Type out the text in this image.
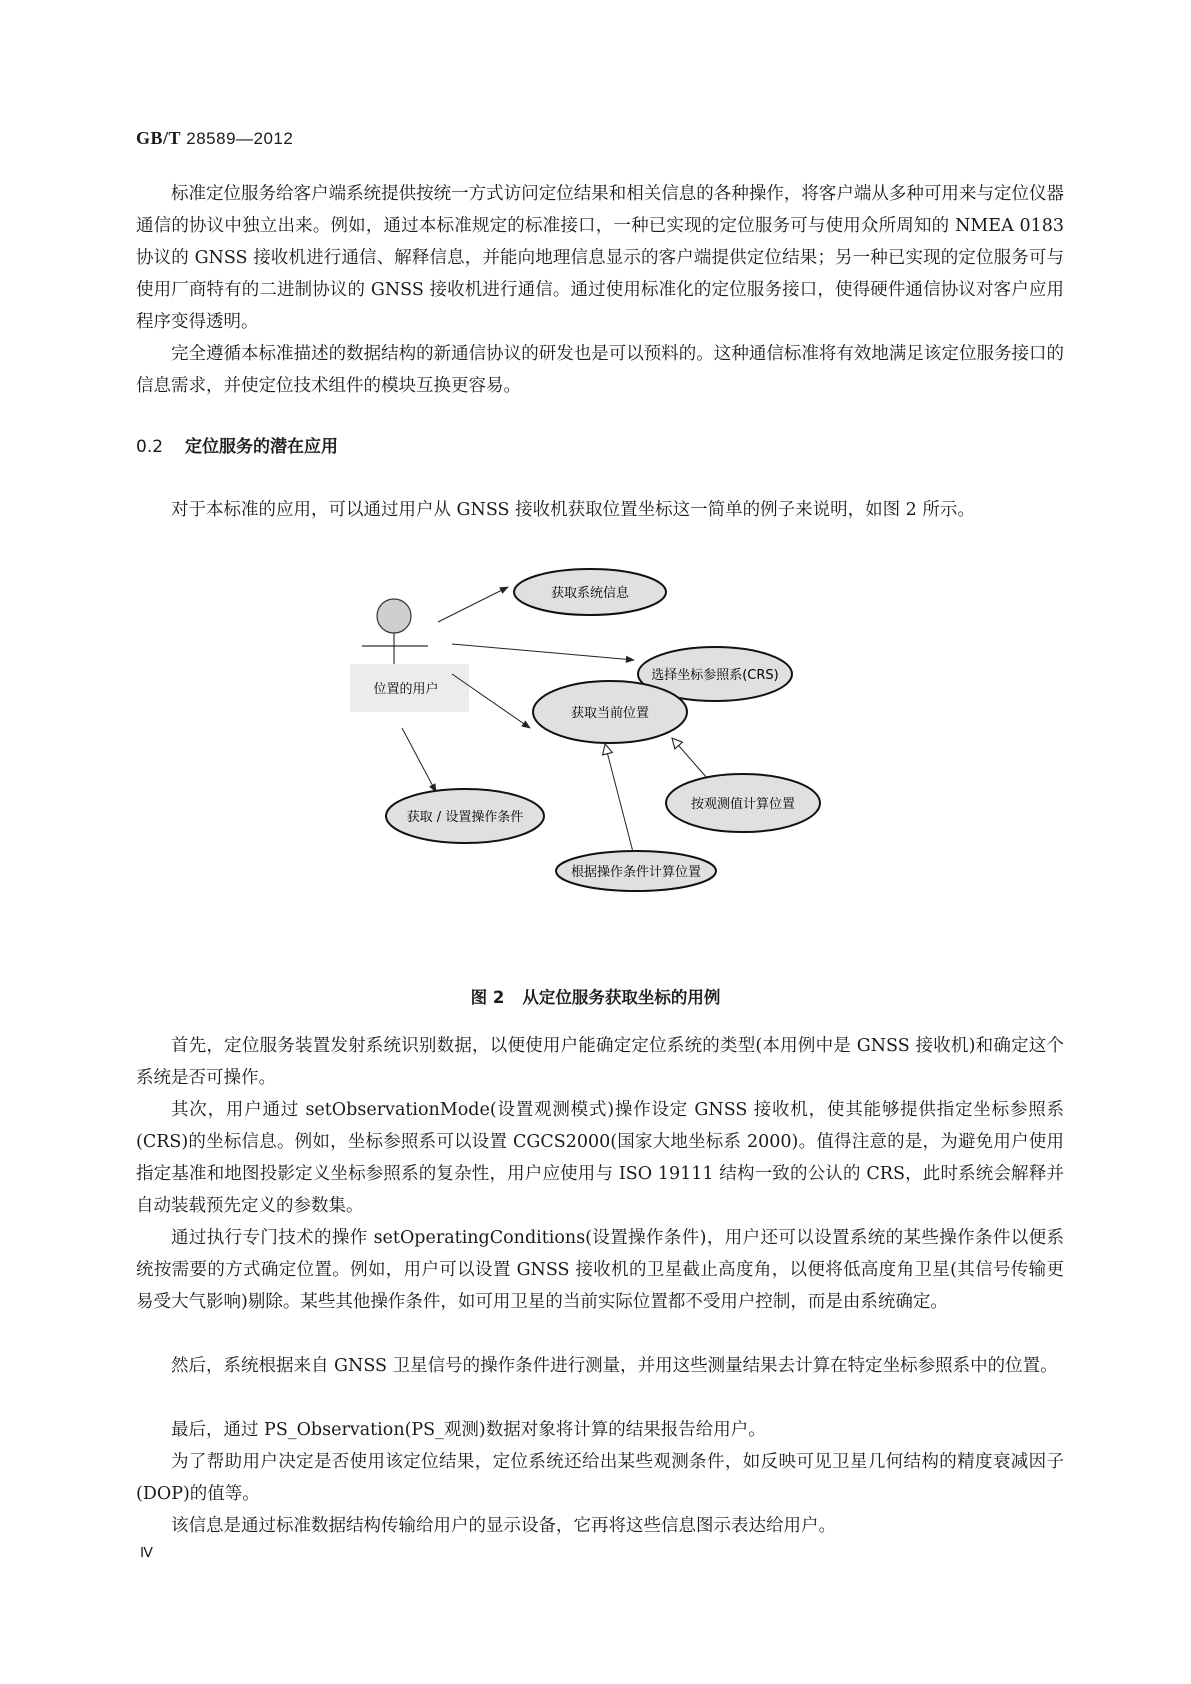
GB/T 28589—2012

标准定位服务给客户端系统提供按统一方式访问定位结果和相关信息的各种操作，将客户端从多种可用来与定位仪器通信的协议中独立出来。例如，通过本标准规定的标准接口，一种已实现的定位服务可与使用众所周知的 NMEA 0183 协议的 GNSS 接收机进行通信、解释信息，并能向地理信息显示的客户端提供定位结果；另一种已实现的定位服务可与使用厂商特有的二进制协议的 GNSS 接收机进行通信。通过使用标准化的定位服务接口，使得硬件通信协议对客户应用程序变得透明。

完全遵循本标准描述的数据结构的新通信协议的研发也是可以预料的。这种通信标准将有效地满足该定位服务接口的信息需求，并使定位技术组件的模块互换更容易。

0.2 定位服务的潜在应用

对于本标准的应用，可以通过用户从 GNSS 接收机获取位置坐标这一简单的例子来说明，如图 2 所示。

位置的用户
获取系统信息
选择坐标参照系(CRS)
获取当前位置
按观测值计算位置
获取 / 设置操作条件
根据操作条件计算位置
图 2 从定位服务获取坐标的用例

首先，定位服务装置发射系统识别数据，以便使用户能确定定位系统的类型(本用例中是 GNSS 接收机)和确定这个系统是否可操作。

其次，用户通过 setObservationMode(设置观测模式)操作设定 GNSS 接收机，使其能够提供指定坐标参照系(CRS)的坐标信息。例如，坐标参照系可以设置 CGCS2000(国家大地坐标系 2000)。值得注意的是，为避免用户使用指定基准和地图投影定义坐标参照系的复杂性，用户应使用与 ISO 19111 结构一致的公认的 CRS，此时系统会解释并自动装载预先定义的参数集。

通过执行专门技术的操作 setOperatingConditions(设置操作条件)，用户还可以设置系统的某些操作条件以便系统按需要的方式确定位置。例如，用户可以设置 GNSS 接收机的卫星截止高度角，以便将低高度角卫星(其信号传输更易受大气影响)剔除。某些其他操作条件，如可用卫星的当前实际位置都不受用户控制，而是由系统确定。

然后，系统根据来自 GNSS 卫星信号的操作条件进行测量，并用这些测量结果去计算在特定坐标参照系中的位置。

最后，通过 PS_Observation(PS_观测)数据对象将计算的结果报告给用户。

为了帮助用户决定是否使用该定位结果，定位系统还给出某些观测条件，如反映可见卫星几何结构的精度衰减因子(DOP)的值等。

该信息是通过标准数据结构传输给用户的显示设备，它再将这些信息图示表达给用户。

Ⅳ
